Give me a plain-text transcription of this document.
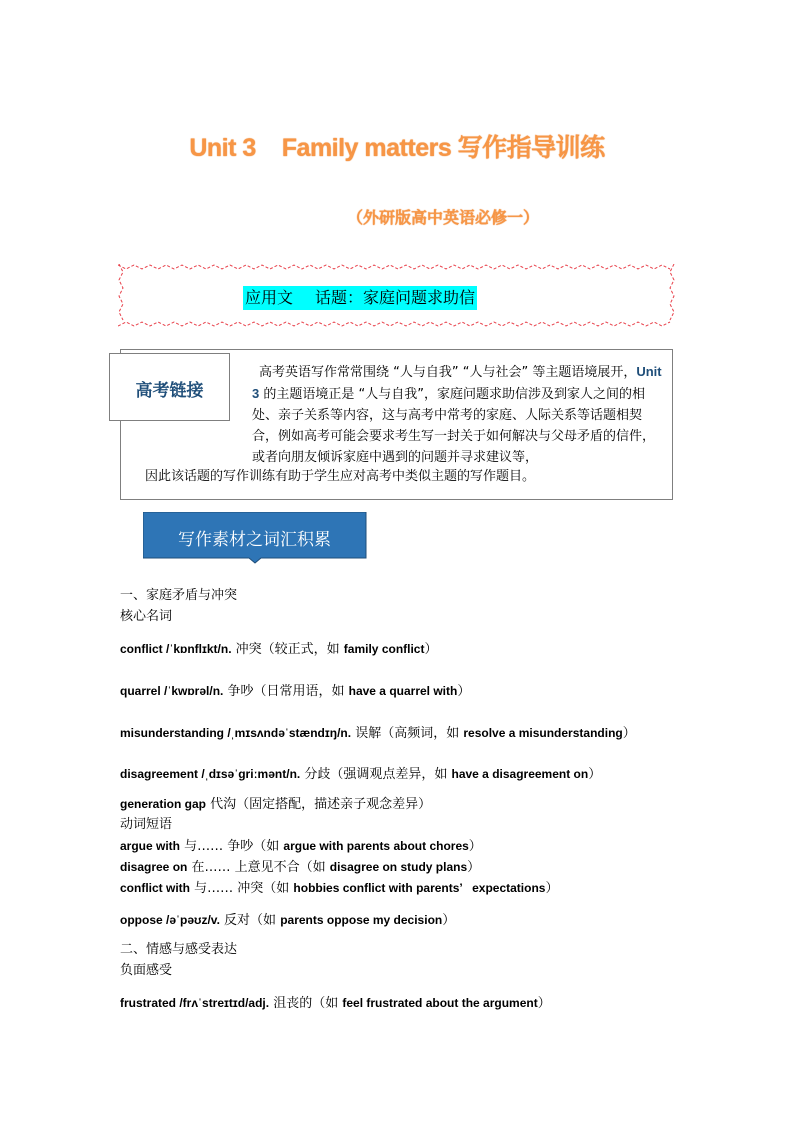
Unit 3 Family matters 写作指导训练
（外研版高中英语必修一）
应用文 话题：家庭问题求助信
高考链接
高考英语写作常常围绕 “人与自我” “人与社会” 等主题语境展开，Unit 3 的主题语境正是 “人与自我”，家庭问题求助信涉及到家人之间的相处、亲子关系等内容，这与高考中常考的家庭、人际关系等话题相契合，例如高考可能会要求考生写一封关于如何解决与父母矛盾的信件，或者向朋友倾诉家庭中遇到的问题并寻求建议等，
因此该话题的写作训练有助于学生应对高考中类似主题的写作题目。
写作素材之词汇积累
一、家庭矛盾与冲突
核心名词
conflict /ˈkɒnflɪkt/n. 冲突（较正式，如 family conflict）
quarrel /ˈkwɒrəl/n. 争吵（日常用语，如 have a quarrel with）
misunderstanding /ˌmɪsʌndəˈstændɪŋ/n. 误解（高频词，如 resolve a misunderstanding）
disagreement /ˌdɪsəˈɡriːmənt/n. 分歧（强调观点差异，如 have a disagreement on）
generation gap 代沟（固定搭配，描述亲子观念差异）
动词短语
argue with 与…… 争吵（如 argue with parents about chores）
disagree on 在…… 上意见不合（如 disagree on study plans）
conflict with 与…… 冲突（如 hobbies conflict with parents’   expectations）
oppose /əˈpəʊz/v. 反对（如 parents oppose my decision）
二、情感与感受表达
负面感受
frustrated /frʌˈstreɪtɪd/adj. 沮丧的（如 feel frustrated about the argument）
